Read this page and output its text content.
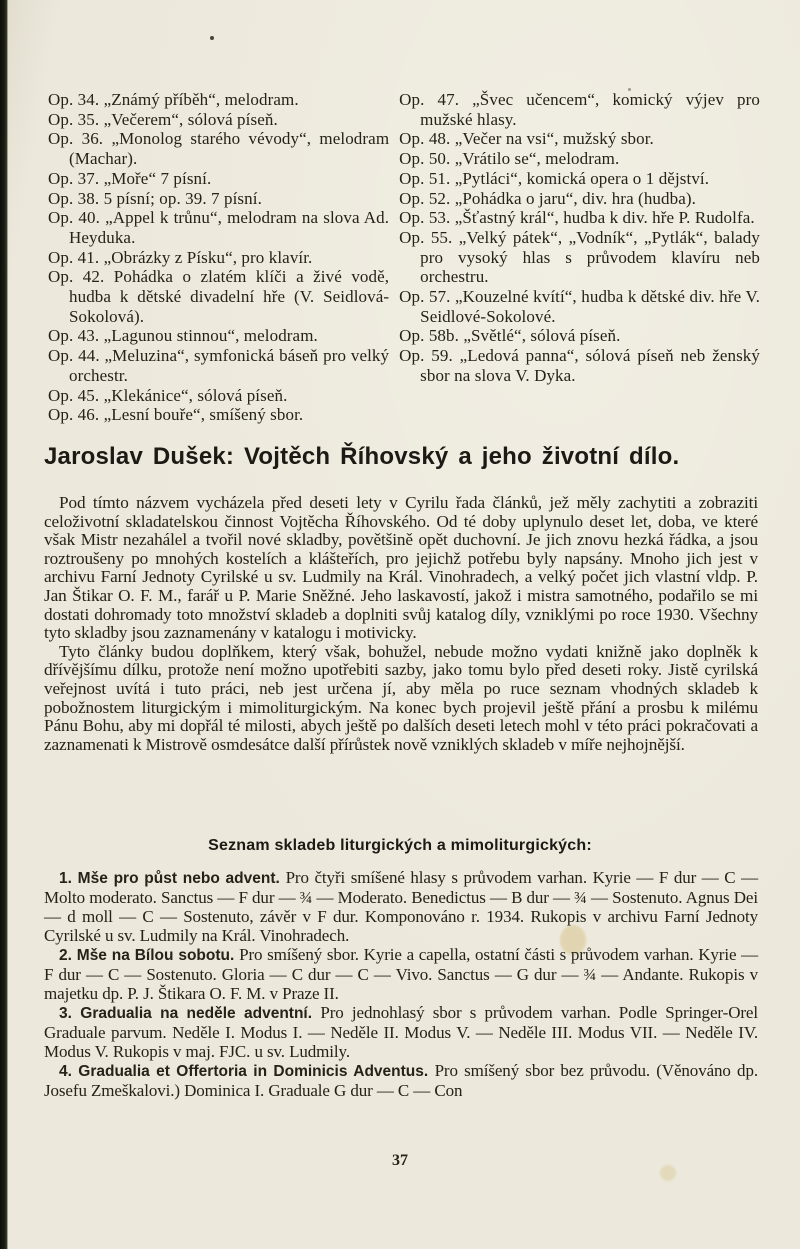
Op. 34. „Známý příběh“, melodram.

Op. 35. „Večerem“, sólová píseň.

Op. 36. „Monolog starého vévody“, melodram (Machar).

Op. 37. „Moře“ 7 písní.

Op. 38. 5 písní; op. 39. 7 písní.

Op. 40. „Appel k trůnu“, melodram na slova Ad. Heyduka.

Op. 41. „Obrázky z Písku“, pro klavír.

Op. 42. Pohádka o zlatém klíči a živé vodě, hudba k dětské divadelní hře (V. Seidlová-Sokolová).

Op. 43. „Lagunou stinnou“, melodram.

Op. 44. „Meluzina“, symfonická báseň pro velký orchestr.

Op. 45. „Klekánice“, sólová píseň.

Op. 46. „Lesní bouře“, smíšený sbor.

Op. 47. „Švec učencem“, komický výjev pro mužské hlasy.

Op. 48. „Večer na vsi“, mužský sbor.

Op. 50. „Vrátilo se“, melodram.

Op. 51. „Pytláci“, komická opera o 1 dějství.

Op. 52. „Pohádka o jaru“, div. hra (hudba).

Op. 53. „Šťastný král“, hudba k div. hře P. Rudolfa.

Op. 55. „Velký pátek“, „Vodník“, „Pytlák“, balady pro vysoký hlas s průvodem klavíru neb orchestru.

Op. 57. „Kouzelné kvítí“, hudba k dětské div. hře V. Seidlové-Sokolové.

Op. 58b. „Světlé“, sólová píseň.

Op. 59. „Ledová panna“, sólová píseň neb ženský sbor na slova V. Dyka.

Jaroslav Dušek: Vojtěch Říhovský a jeho životní dílo.

Pod tímto názvem vycházela před deseti lety v Cyrilu řada článků, jež měly zachytiti a zobraziti celoživotní skladatelskou činnost Vojtěcha Říhovského. Od té doby uplynulo deset let, doba, ve které však Mistr nezahálel a tvořil nové skladby, povětšině opět duchovní. Je jich znovu hezká řádka, a jsou roztroušeny po mnohých kostelích a klášteřích, pro jejichž potřebu byly napsány. Mnoho jich jest v archivu Farní Jednoty Cyrilské u sv. Ludmily na Král. Vinohradech, a velký počet jich vlastní vldp. P. Jan Štikar O. F. M., farář u P. Marie Sněžné. Jeho laskavostí, jakož i mistra samotného, podařilo se mi dostati dohromady toto množství skladeb a doplniti svůj katalog díly, vzniklými po roce 1930. Všechny tyto skladby jsou zaznamenány v katalogu i motivicky.

Tyto články budou doplňkem, který však, bohužel, nebude možno vydati knižně jako doplněk k dřívějšímu dílku, protože není možno upotřebiti sazby, jako tomu bylo před deseti roky. Jistě cyrilská veřejnost uvítá i tuto práci, neb jest určena jí, aby měla po ruce seznam vhodných skladeb k pobožnostem liturgickým i mimoliturgickým. Na konec bych projevil ještě přání a prosbu k milému Pánu Bohu, aby mi dopřál té milosti, abych ještě po dalších deseti letech mohl v této práci pokračovati a zaznamenati k Mistrově osmdesátce další přírůstek nově vzniklých skladeb v míře nejhojnější.

Seznam skladeb liturgických a mimoliturgických:

1. Mše pro půst nebo advent. Pro čtyři smíšené hlasy s průvodem varhan. Kyrie — F dur — C — Molto moderato. Sanctus — F dur — ¾ — Moderato. Benedictus — B dur — ¾ — Sostenuto. Agnus Dei — d moll — C — Sostenuto, závěr v F dur. Komponováno r. 1934. Rukopis v archivu Farní Jednoty Cyrilské u sv. Ludmily na Král. Vinohradech.

2. Mše na Bílou sobotu. Pro smíšený sbor. Kyrie a capella, ostatní části s průvodem varhan. Kyrie — F dur — C — Sostenuto. Gloria — C dur — C — Vivo. Sanctus — G dur — ¾ — Andante. Rukopis v majetku dp. P. J. Štikara O. F. M. v Praze II.

3. Gradualia na neděle adventní. Pro jednohlasý sbor s průvodem varhan. Podle Springer-Orel Graduale parvum. Neděle I. Modus I. — Neděle II. Modus V. — Neděle III. Modus VII. — Neděle IV. Modus V. Rukopis v maj. FJC. u sv. Ludmily.

4. Gradualia et Offertoria in Dominicis Adventus. Pro smíšený sbor bez průvodu. (Věnováno dp. Josefu Zmeškalovi.) Dominica I. Graduale G dur — C — Con

37
